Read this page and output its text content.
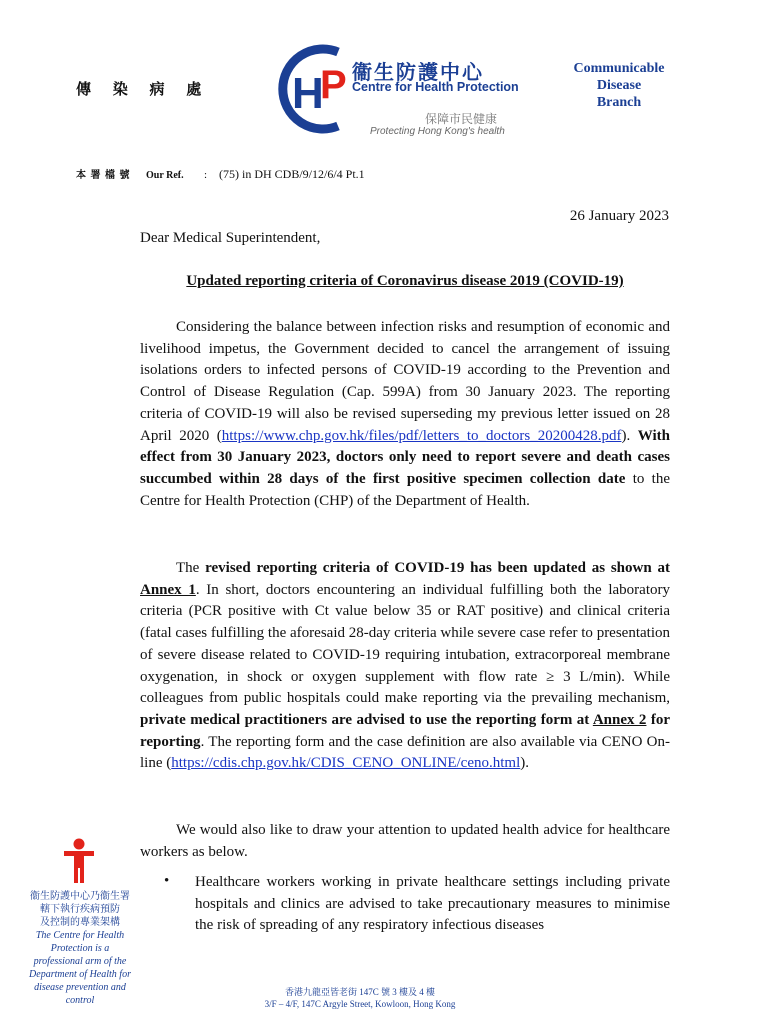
傳 染 病 處 H
P 衞生防護中心
Centre for Health Protection
保障市民健康
Protecting Hong Kong's health
Communicable
Disease
Branch
本 署 檔 號 Our Ref. : (75) in DH CDB/9/12/6/4 Pt.1
26 January 2023
Dear Medical Superintendent,
Updated reporting criteria of Coronavirus disease 2019 (COVID-19)

Considering the balance between infection risks and resumption of economic and livelihood impetus, the Government decided to cancel the arrangement of issuing isolations orders to infected persons of COVID-19 according to the Prevention and Control of Disease Regulation (Cap. 599A) from 30 January 2023. The reporting criteria of COVID-19 will also be revised superseding my previous letter issued on 28 April 2020 (https://www.chp.gov.hk/files/pdf/letters_to_doctors_20200428.pdf). With effect from 30 January 2023, doctors only need to report severe and death cases succumbed within 28 days of the first positive specimen collection date to the Centre for Health Protection (CHP) of the Department of Health.

The revised reporting criteria of COVID-19 has been updated as shown at Annex 1. In short, doctors encountering an individual fulfilling both the laboratory criteria (PCR positive with Ct value below 35 or RAT positive) and clinical criteria (fatal cases fulfilling the aforesaid 28-day criteria while severe case refer to presentation of severe disease related to COVID-19 requiring intubation, extracorporeal membrane oxygenation, in shock or oxygen supplement with flow rate ≥ 3 L/min). While colleagues from public hospitals could make reporting via the prevailing mechanism, private medical practitioners are advised to use the reporting form at Annex 2 for reporting. The reporting form and the case definition are also available via CENO On-line (https://cdis.chp.gov.hk/CDIS_CENO_ONLINE/ceno.html).

We would also like to draw your attention to updated health advice for healthcare workers as below.

• Healthcare workers working in private healthcare settings including private hospitals and clinics are advised to take precautionary measures to minimise the risk of spreading of any respiratory infectious diseases
衞生防護中心乃衞生署
轄下執行疾病預防
及控制的專業架構
The Centre for Health
Protection is a
professional arm of the
Department of Health for
disease prevention and
control
香港九龍亞皆老街 147C 號 3 樓及 4 樓
3/F – 4/F, 147C Argyle Street, Kowloon, Hong Kong
